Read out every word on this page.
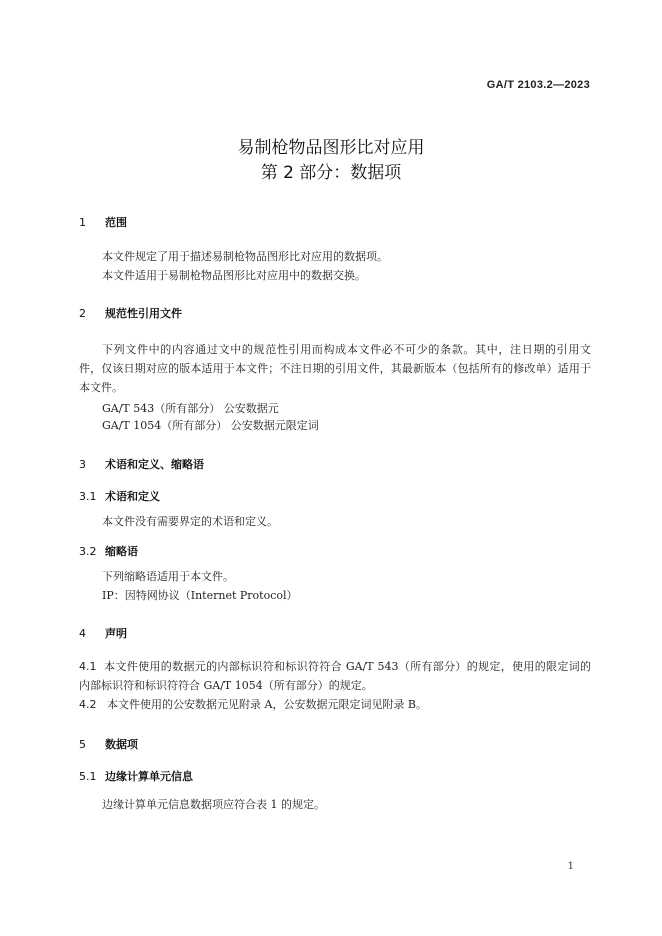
GA/T 2103.2—2023
易制枪物品图形比对应用
第 2 部分：数据项
1 范围
本文件规定了用于描述易制枪物品图形比对应用的数据项。
本文件适用于易制枪物品图形比对应用中的数据交换。
2 规范性引用文件
下列文件中的内容通过文中的规范性引用而构成本文件必不可少的条款。其中，注日期的引用文
件，仅该日期对应的版本适用于本文件；不注日期的引用文件，其最新版本（包括所有的修改单）适用于
本文件。
GA/T 543（所有部分） 公安数据元
GA/T 1054（所有部分） 公安数据元限定词
3 术语和定义、缩略语
3.1 术语和定义
本文件没有需要界定的术语和定义。
3.2 缩略语
下列缩略语适用于本文件。
IP：因特网协议（Internet Protocol）
4 声明
4.1 本文件使用的数据元的内部标识符和标识符符合 GA/T 543（所有部分）的规定，使用的限定词的
内部标识符和标识符符合 GA/T 1054（所有部分）的规定。
4.2 本文件使用的公安数据元见附录 A，公安数据元限定词见附录 B。
5 数据项
5.1 边缘计算单元信息
边缘计算单元信息数据项应符合表 1 的规定。
1
